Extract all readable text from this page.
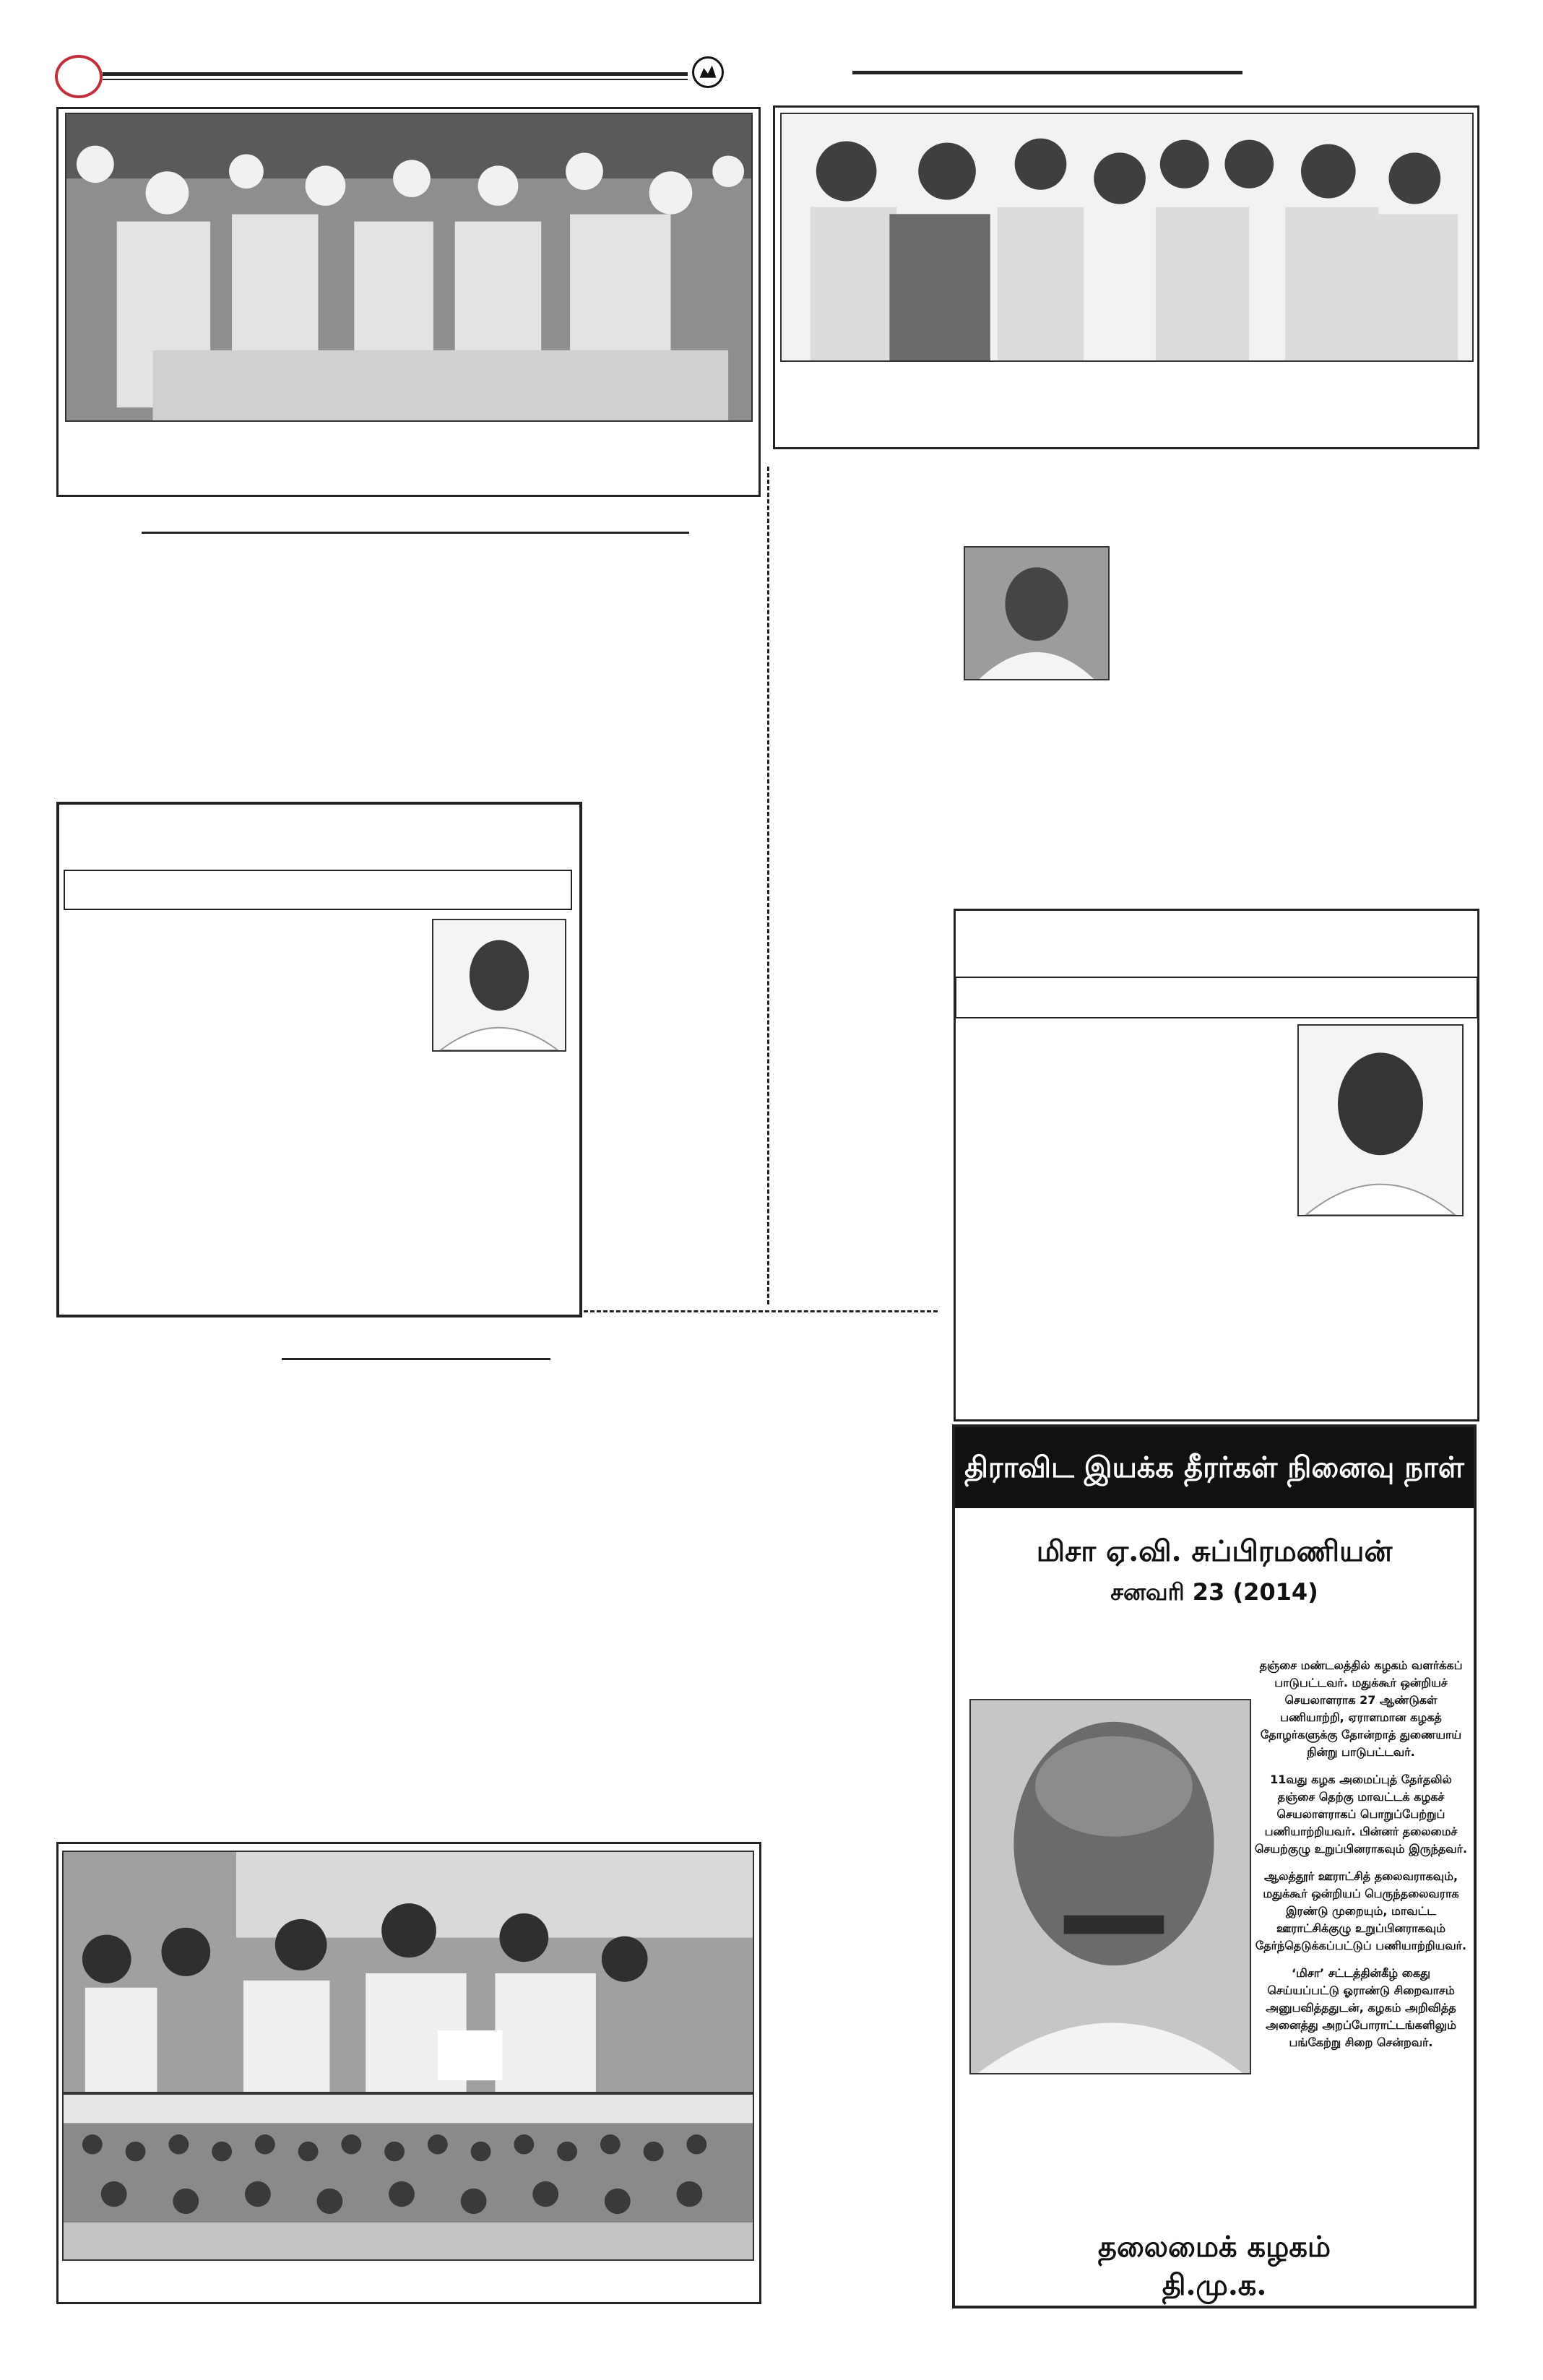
திராவிட இயக்க தீரர்கள் நினைவு நாள்
மிசா ஏ.வி. சுப்பிரமணியன்
சனவரி 23 (2014)

தஞ்சை மண்டலத்தில் கழகம் வளர்க்கப் பாடுபட்டவர். மதுக்கூர் ஒன்றியச் செயலாளராக 27 ஆண்டுகள் பணியாற்றி, ஏராளமான கழகத் தோழர்களுக்கு தோன்றாத் துணையாய் நின்று பாடுபட்டவர்.

11வது கழக அமைப்புத் தேர்தலில் தஞ்சை தெற்கு மாவட்டக் கழகச் செயலாளராகப் பொறுப்பேற்றுப் பணியாற்றியவர். பின்னர் தலைமைச் செயற்குழு உறுப்பினராகவும் இருந்தவர்.

ஆலத்தூர் ஊராட்சித் தலைவராகவும், மதுக்கூர் ஒன்றியப் பெருந்தலைவராக இரண்டு முறையும், மாவட்ட ஊராட்சிக்குழு உறுப்பினராகவும் தேர்ந்தெடுக்கப்பட்டுப் பணியாற்றியவர்.

‘மிசா’ சட்டத்தின்கீழ் கைது செய்யப்பட்டு ஓராண்டு சிறைவாசம் அனுபவித்ததுடன், கழகம் அறிவித்த அனைத்து அறப்போராட்டங்களிலும் பங்கேற்று சிறை சென்றவர்.

தலைமைக் கழகம்
தி.மு.க.
